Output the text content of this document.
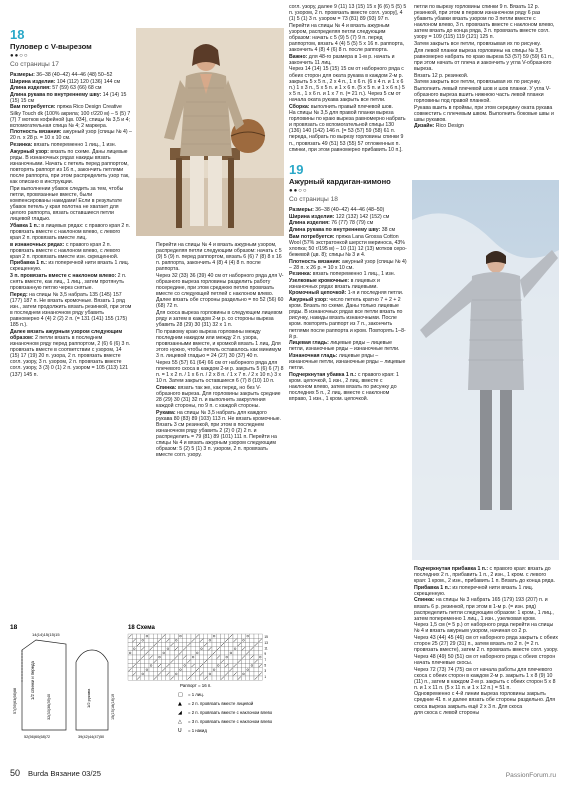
18
Пуловер с V-вырезом
●●○○
Со страницы 17
Размеры: 36–38 (40–42) 44–46 (48) 50–52
Ширина изделия: 104 (112) 120 (136) 144 см
Длина изделия: 57 (59) 63 (66) 68 см
Длина рукава по внутреннему шву: 14 (14) 15 (15) 15 см
Вам потребуется: пряжа Rico Design Creative Silky Touch dk (100% акрила; 100 г/220 м) – 5 (5) 7 (7) 7 мотков кофейной (цв. 034), спицы № 3,5 и 4; вспомогательная спица № 4; 2 маркера.
Плотность вязания: ажурный узор (спицы № 4) – 20 п. x 28 р. = 10 x 10 см.
Резинка: вязать попеременно 1 лиц., 1 изн.
Ажурный узор: вязать по схеме. Даны лицевые ряды. В изнаночных рядах накиды вязать изнаночными. Начать с петель перед раппортом, повторять раппорт из 16 п., закончить петлями после раппорта, при этом распределить узор так, как описано в инструкции.
При выполнении убавок следить за тем, чтобы петли, провязанные вместе, были компенсированы накидами! Если в результате убавок петель у края полотна не хватает для целого раппорта, вязать оставшиеся петли лицевой гладью.
Убавка 1 п.: в лицевых рядах: с правого края 2 п. провязать вместе с наклоном влево, с левого края 2 п. провязать вместе лиц.
в изнаночных рядах: с правого края 2 п. провязать вместе с наклоном влево, с левого края 2 п. провязать вместе изн. скрещенной.
Прибавка 1 п.: из поперечной нити вязать 1 лиц. скрещенную.
3 п. провязать вместе с наклоном влево: 2 п. снять вместе, как лиц., 1 лиц., затем протянуть провязанную петлю через снятые.
Перед: на спицы № 3,5 набрать 135 (145) 157 (177) 187 п. Не вязать кромочные. Вязать 1 ряд изн., затем продолжить вязать резинкой, при этом в последнем изнаночном ряду убавить равномерно 4 (4) 2 (2) 2 п. (= 131 (141) 155 (175) 185 п.).
Далее вязать ажурным узором следующим образом: 2 петли вязать в последнем изнаночном ряду перед раппортом, 2 (6) 6 (6) 3 п. провязать вместе в соответствии с узором, 14 (15) 17 (19) 20 п. узора, 2 п. провязать вместе согл. узору, 3 п. узором, 2 п. провязать вместе согл. узору, 3 (3) 0 (1) 2 п. узором = 105 (113) 121 (137) 145 п.
Перейти на спицы № 4 и вязать ажурным узором, распределяя петли следующим образом: начать с 5 (9) 5 (9) п. перед раппортом, вязать 6 (6) 7 (8) 8 x 16 п. раппорта, закончить 4 (8) 4 (4) 8 п. после раппорта.
Через 32 (33) 36 (39) 40 см от наборного ряда для V-образного выреза горловины разделить работу посередине, при этом среднюю петлю провязать вместе со следующей петлей с наклоном влево. Далее вязать обе стороны раздельно = по 52 (56) 60 (68) 72 п.
Для скоса выреза горловины в следующем лицевом ряду и затем в каждом 2-м р. со стороны выреза убавить 28 (29) 30 (31) 32 x 1 п.
По правому краю выреза горловины между последним накидом или между 2 п. узора, провязанными вместе, и кромкой вязать 1 лиц. Для этого нужно, чтобы петель оставалось как минимум 3 п. лицевой гладью = 24 (27) 30 (37) 40 п.
Через 55 (57) 61 (64) 66 см от наборного ряда для плечевого скоса в каждом 2-м р. закрыть 5 (6) 6 (7) 8 п. = 1 x 2 п. / 1 x 6 п. / 2 x 8 п. / 1 x 7 п. / 2 x 10 п.) 3 x 10 п. Затем закрыть оставшиеся 6 (7) 8 (10) 10 п.
Спинка: вязать так же, как перед, но без V-образного выреза. Для горловины закрыть средние 28 (29) 30 (31) 32 п. и выполнить закругления каждой стороны, по 9 п. с каждой стороны.
Рукава: на спицы № 3,5 набрать для каждого рукава 80 (83) 89 (103) 113 п. Не вязать кромочные. Вязать 3 см резинкой, при этом в последнем изнаночном ряду убавить 2 (2) 0 (2) 2 п. и распределить = 79 (81) 89 (101) 111 п. Перейти на спицы № 4 и вязать ажурным узором следующим образом: 5 (2) 5 (1) 3 п. узором, 2 п. провязать вместе согл. узору.
согл. узору, далее 9 (11) 13 (15) 15 x [6 (6) 5 (5) 5 п. узором, 2 п. провязать вместе согл. узору], 4 (1) 5 (1) 3 п. узором = 73 (81) 89 (93) 97 п.
Перейти на спицы № 4 и вязать ажурным узором, распределяя петли следующим образом: начать с 5 (9) 5 (7) 9 п. перед раппортом, вязать 4 (4) 5 (5) 5 x 16 п. раппорта, закончить 4 (8) 4 (6) 8 п. после раппорта.
Важно: для 48-го размера в 1-м р. начать и закончить 11 лиц.
Через 14 (14) 15 (15) 15 см от наборного ряда с обеих сторон для оката рукава в каждом 2-м р. закрыть 5 x 5 п., 2 x 4 п., 1 x 6 п. (6 x 4 п. и 1 x 6 п.) 1 x 3 п., 5 x 5 п. и 1 x 6 п. (5 x 5 п. и 1 x 6 п.) 5 x 5 п., 1 x 6 п. и 1 x 7 п. (= 21 п.). Через 5 см от начала оката рукава закрыть все петли.
Сборка: выполнить правый плечевой шов.
На спицы № 3,5 для правой планки выреза горловины по краю выреза равномерно набрать и провязать со вспомогательной спицы 130 (136) 140 (142) 146 п. [= 53 (57) 59 (58) 61 п. переда, набрать по вырезу горловины спинки 9 п., провязать 49 (51) 53 (55) 57 отложенных п. спинки, при этом равномерно прибавить 10 п.].
19
Ажурный кардиган-кимоно
●●○○
Со страницы 18
Размеры: 36–38 (40–42) 44–46 (48–50)
Ширина изделия: 122 (132) 142 (152) см
Длина изделия: 76 (77) 78 (79) см
Длина рукава по внутреннему шву: 38 см
Вам потребуется: пряжа Lana Grossa Cotton Wool (57% экстратонкой шерсти мериноса, 43% хлопка; 50 г/195 м) – 10 (11) 12 (13) мотков серо-бежевой (цв. 8); спицы № 3 и 4.
Плотность вязания: ажурный узор (спицы № 4) – 28 п. x 26 р. = 10 x 10 см.
Резинка: вязать попеременно 1 лиц., 1 изн.
Узелковые кромочные: в лицевых и изнаночных рядах вязать лицевыми.
Кромочный цепочкой: 1-я и последняя петли.
Ажурный узор: число петель кратно 7 + 2 + 2 кром. Вязать по схеме. Даны только лицевые ряды. В изнаночных рядах все петли вязать по рисунку, накиды вязать изнаночными. После кром. повторять раппорт из 7 п., закончить петлями после раппорта и кром. Повторять 1–8-й р.
Лицевая гладь: лицевые ряды – лицевые петли, изнаночные ряды – изнаночные петли.
Изнаночная гладь: лицевые ряды – изнаночные петли, изнаночные ряды – лицевые петли.
Подчеркнутая убавка 1 п.: с правого края: 1 кром. цепочкой, 1 изн., 2 лиц. вместе с наклоном влево, затем вязать по рисунку до последних 5 п., 2 лиц. вместе с наклоном вправо, 1 изн., 1 кром. цепочкой.
петли по вырезу горловины спинки 9 п. Вязать 12 р. резинкой, при этом в первом изнаночном ряду 6 раз убавить убавки вязать узором по 3 петли вместе с наклоном влево, 3 п. провязать вместе с наклоном влево, затем вязать до конца ряда, 3 п. провязать вместе согл. узору = 109 (115) 119 (121) 125 п.
Затем закрыть все петли, провязывая их по рисунку.
Для левой планки выреза горловины на спицы № 3,5 равномерно набрать по краю выреза 53 (57) 59 (59) 61 п., при этом начать от плеча и закончить у угла V-образного выреза.
Вязать 12 р. резинкой.
Затем закрыть все петли, провязывая их по рисунку.
Выполнить левый плечевой шов и шов планки. У угла V-образного выреза вшить нижнюю часть левой планки горловины под правой планкой.
Рукава вшить в проймы, при этом середину оката рукава совместить с плечевым швом. Выполнить боковые швы и швы рукавов.
Дизайн: Rico Design
Подчеркнутая прибавка 1 п.: с правого края: вязать до последних 2 п., прибавить 1 п., 2 изн., 1 кром. с левого края: 1 кром., 2 изн., прибавить 1 п. Вязать до конца ряда.
Прибавка 1 п.: из поперечной нити вязать 1 лиц. скрещенную.
Спинка: на спицы № 3 набрать 165 (179) 193 (207) п. и вязать 6 р. резинкой, при этом в 1-м р. (= изн. ряд) распределить петли следующим образом: 1 кром., 1 лиц., затем попеременно 1 лиц., 1 изн., узелковая кром.
Через 1,5 см (= 5 р.) от наборного ряда перейти на спицы № 4 и вязать ажурным узором, начиная со 2 р.
Через 43 (44) 45 (46) см от наборного ряда закрыть с обеих сторон 25 (27) 29 (31) п., затем вязать по 2 п. (= 2 п. провязать вместе), затем 2 п. провязать вместе согл. узору.
Через 48 (49) 50 (51) см от наборного ряда с обеих сторон начать плечевые скосы.
Через 72 (73) 74 (75) см от начала работы для плечевого скоса с обеих сторон в каждом 2-м р. закрыть 1 x 8 (9) 10 (11) п., затем в каждом 2-м р. закрыть с обеих сторон 5 x 8 п. и 1 x 11 п. (5 x 11 п. и 1 x 12 п.) = 51 п.
Одновременно с 4-й линии выреза горловины закрыть средние 41 п. и далее вязать обе стороны раздельно. Для скоса выреза закрыть ещё 2 x 3 п. Для скоса
для скоса с левой стороны
18
14(14)15(15)15
1/2 спинки и переда
57(59)63(66)68	32(33)36(39)40
52(56)60(68)72
1/2 рукава
39(42)44(47)50
15(15)18(18)19
18 Схема
15
13
11
9
7
5
3
1
Раппорт = 16 п.
□ = 1 лиц.
▲ = 2 п. провязать вместе лицевой
◢ = 2 п. провязать вместе с наклоном влево
△ = 3 п. провязать вместе с наклоном влево
U = 1 накид
50 Burda Вязание 03/25	PassionForum.ru
